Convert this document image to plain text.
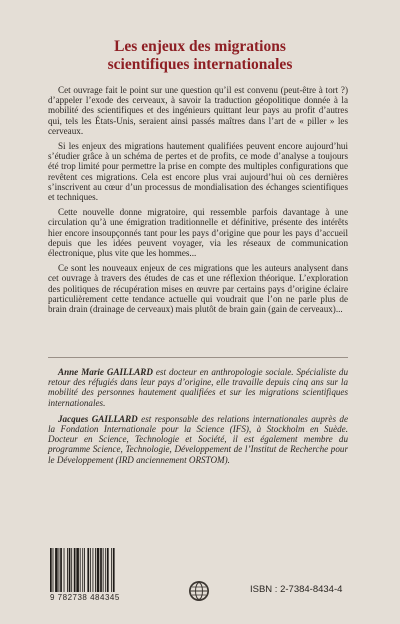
Les enjeux des migrations
scientifiques internationales

Cet ouvrage fait le point sur une question qu’il est convenu (peut-être à tort ?) d’appeler l’exode des cerveaux, à savoir la traduction géopolitique donnée à la mobilité des scientifiques et des ingénieurs quittant leur pays au profit d’autres qui, tels les États-Unis, seraient ainsi passés maîtres dans l’art de « piller » les cerveaux.

Si les enjeux des migrations hautement qualifiées peuvent encore aujourd’hui s’étudier grâce à un schéma de pertes et de profits, ce mode d’analyse a toujours été trop limité pour permettre la prise en compte des multiples configurations que revêtent ces migrations. Cela est encore plus vrai aujourd’hui où ces dernières s’inscrivent au cœur d’un processus de mondialisation des échanges scientifiques et techniques.

Cette nouvelle donne migratoire, qui ressemble parfois davantage à une circulation qu’à une émigration traditionnelle et définitive, présente des intérêts hier encore insoupçonnés tant pour les pays d’origine que pour les pays d’accueil depuis que les idées peuvent voyager, via les réseaux de communication électronique, plus vite que les hommes...

Ce sont les nouveaux enjeux de ces migrations que les auteurs analysent dans cet ouvrage à travers des études de cas et une réflexion théorique. L’exploration des politiques de récupération mises en œuvre par certains pays d’origine éclaire particulièrement cette tendance actuelle qui voudrait que l’on ne parle plus de brain drain (drainage de cerveaux) mais plutôt de brain gain (gain de cerveaux)...

Anne Marie GAILLARD est docteur en anthropologie sociale. Spécialiste du retour des réfugiés dans leur pays d’origine, elle travaille depuis cinq ans sur la mobilité des personnes hautement qualifiées et sur les migrations scientifiques internationales.

Jacques GAILLARD est responsable des relations internationales auprès de la Fondation Internationale pour la Science (IFS), à Stockholm en Suède. Docteur en Science, Technologie et Société, il est également membre du programme Science, Technologie, Développement de l’Institut de Recherche pour le Développement (IRD anciennement ORSTOM).

9 782738 484345
ISBN : 2-7384-8434-4
